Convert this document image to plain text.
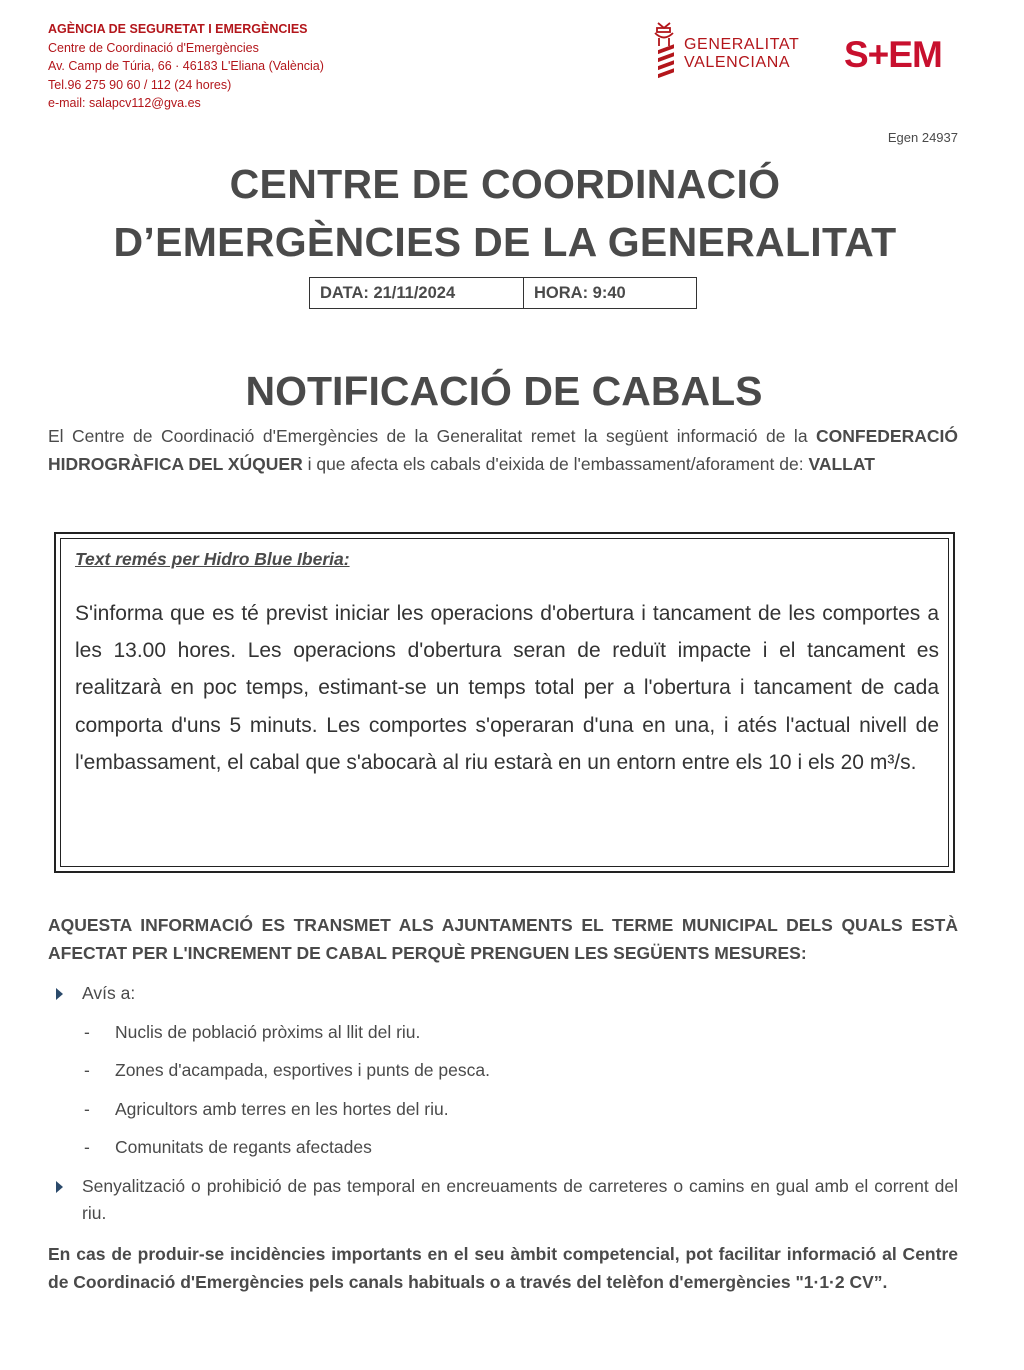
AGÈNCIA DE SEGURETAT I EMERGÈNCIES
Centre de Coordinació d'Emergències
Av. Camp de Túria, 66 · 46183 L'Eliana (València)
Tel.96 275 90 60 / 112 (24 hores)
e-mail: salapcv112@gva.es
GENERALITAT
VALENCIANA S+EM
Egen 24937
CENTRE DE COORDINACIÓ
D’EMERGÈNCIES DE LA GENERALITAT
DATA: 21/11/2024	HORA: 9:40
NOTIFICACIÓ DE CABALS
El Centre de Coordinació d'Emergències de la Generalitat remet la següent informació de la CONFEDERACIÓ HIDROGRÀFICA DEL XÚQUER i que afecta els cabals d'eixida de l'embassament/aforament de: VALLAT
Text remés per Hidro Blue Iberia:
S'informa que es té previst iniciar les operacions d'obertura i tancament de les comportes a les 13.00 hores. Les operacions d'obertura seran de reduït impacte i el tancament es realitzarà en poc temps, estimant-se un temps total per a l'obertura i tancament de cada comporta d'uns 5 minuts. Les comportes s'operaran d'una en una, i atés l'actual nivell de l'embassament, el cabal que s'abocarà al riu estarà en un entorn entre els 10 i els 20 m³/s.
AQUESTA INFORMACIÓ ES TRANSMET ALS AJUNTAMENTS EL TERME MUNICIPAL DELS QUALS ESTÀ AFECTAT PER L'INCREMENT DE CABAL PERQUÈ PRENGUEN LES SEGÜENTS MESURES:
Avís a:
- Nuclis de població pròxims al llit del riu.
- Zones d'acampada, esportives i punts de pesca.
- Agricultors amb terres en les hortes del riu.
- Comunitats de regants afectades
Senyalització o prohibició de pas temporal en encreuaments de carreteres o camins en gual amb el corrent del riu.
En cas de produir-se incidències importants en el seu àmbit competencial, pot facilitar informació al Centre de Coordinació d'Emergències pels canals habituals o a través del telèfon d'emergències "1·1·2 CV”.
